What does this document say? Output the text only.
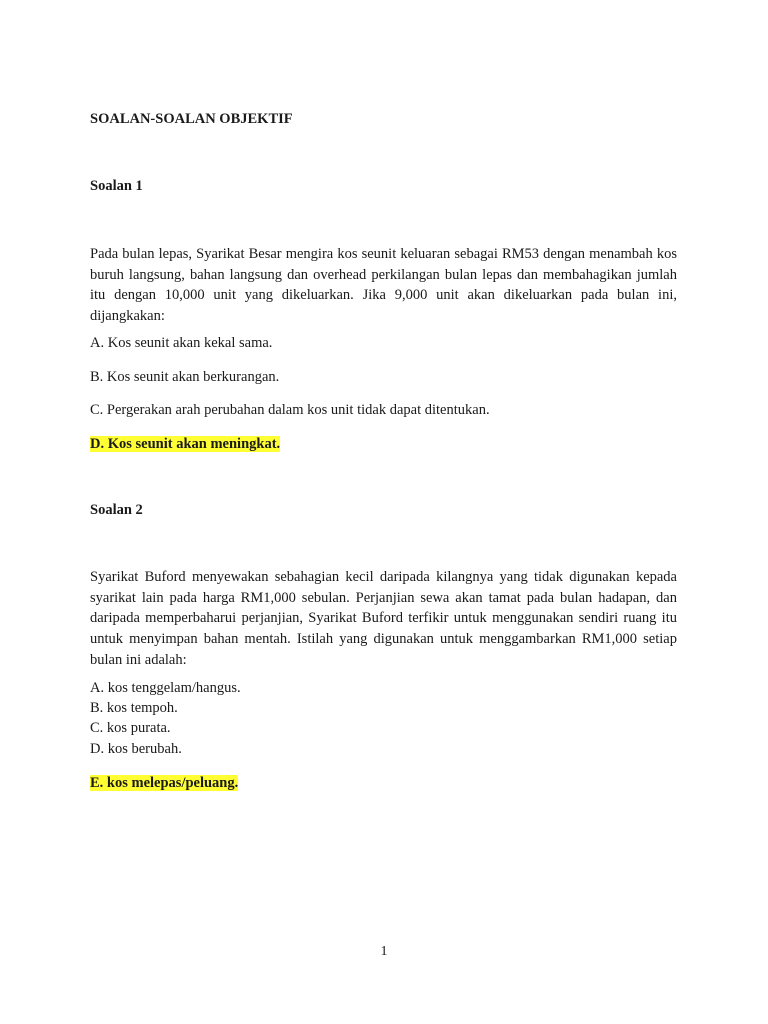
SOALAN-SOALAN OBJEKTIF

Soalan 1

Pada bulan lepas, Syarikat Besar mengira kos seunit keluaran sebagai RM53 dengan menambah kos buruh langsung, bahan langsung dan overhead perkilangan bulan lepas dan membahagikan jumlah itu dengan 10,000 unit yang dikeluarkan. Jika 9,000 unit akan dikeluarkan pada bulan ini, dijangkakan:

A. Kos seunit akan kekal sama.

B. Kos seunit akan berkurangan.

C. Pergerakan arah perubahan dalam kos unit tidak dapat ditentukan.

D. Kos seunit akan meningkat.

Soalan 2

Syarikat Buford menyewakan sebahagian kecil daripada kilangnya yang tidak digunakan kepada syarikat lain pada harga RM1,000 sebulan. Perjanjian sewa akan tamat pada bulan hadapan, dan daripada memperbaharui perjanjian, Syarikat Buford terfikir untuk menggunakan sendiri ruang itu untuk menyimpan bahan mentah. Istilah yang digunakan untuk menggambarkan RM1,000 setiap bulan ini adalah:

A. kos tenggelam/hangus.

B. kos tempoh.

C. kos purata.

D. kos berubah.

E. kos melepas/peluang.

1
